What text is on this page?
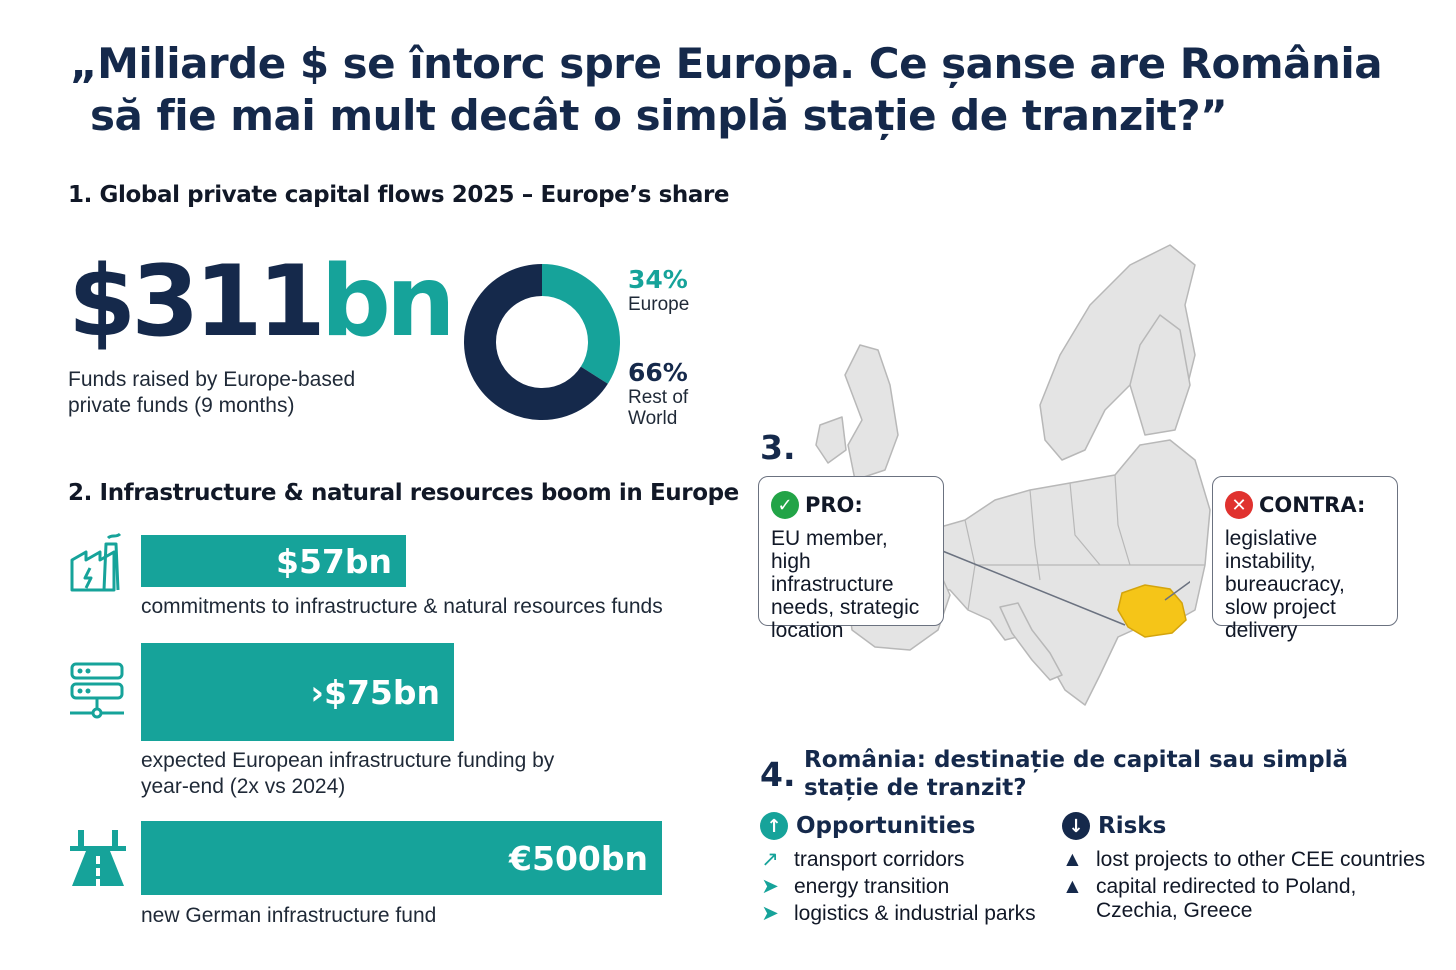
„Miliarde $ se întorc spre Europa. Ce șanse are România
să fie mai mult decât o simplă stație de tranzit?”
1. Global private capital flows 2025 – Europe’s share
$311bn
Funds raised by Europe-based
private funds (9 months)
34%
Europe
66%
Rest of World
2. Infrastructure & natural resources boom in Europe
$57bn
commitments to infrastructure & natural resources funds
›$75bn
expected European infrastructure funding by year-end (2x vs 2024)
€500bn
new German infrastructure fund
3.
✓ PRO:
EU member, high infrastructure needs, strategic location
✕ CONTRA:
legislative instability, bureaucracy, slow project delivery
4. România: destinație de capital sau simplă stație de tranzit?
↑ Opportunities
↗ transport corridors
➤ energy transition
➤ logistics & industrial parks
↓ Risks
▲ lost projects to other CEE countries
▲ capital redirected to Poland, Czechia, Greece
